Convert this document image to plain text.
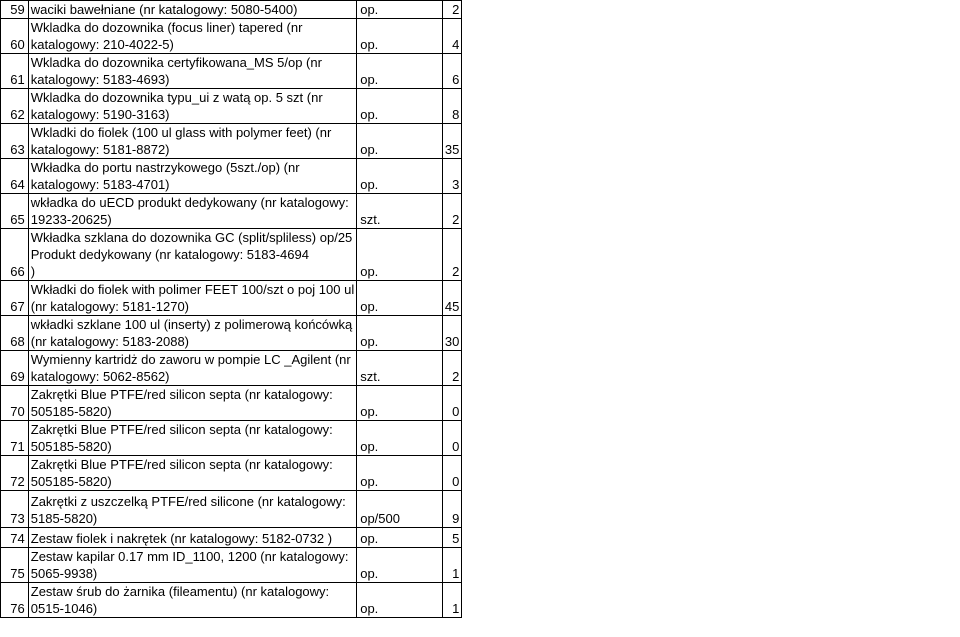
59	waciki bawełniane (nr katalogowy: 5080-5400)	op.	2	
60	Wkladka do dozownika (focus liner) tapered (nr
katalogowy: 210-4022-5)	op.	4	
61	Wkladka do dozownika certyfikowana_MS 5/op (nr
katalogowy: 5183-4693)	op.	6	
62	Wkladka do dozownika typu_ui z watą op. 5 szt (nr
katalogowy: 5190-3163)	op.	8	
63	Wkladki do fiolek (100 ul glass with polymer feet) (nr
katalogowy: 5181-8872)	op.	35	
64	Wkładka do portu nastrzykowego (5szt./op) (nr
katalogowy: 5183-4701)	op.	3	
65	wkładka do uECD produkt dedykowany (nr katalogowy:
19233-20625)	szt.	2	
66	Wkładka szklana do dozownika GC (split/spliless) op/25
Produkt dedykowany (nr katalogowy: 5183-4694
)	op.	2	
67	Wkładki do fiolek with polimer FEET 100/szt o poj 100 ul
(nr katalogowy: 5181-1270)	op.	45	
68	wkładki szklane 100 ul (inserty) z polimerową końcówką
(nr katalogowy: 5183-2088)	op.	30	
69	Wymienny kartridż do zaworu w pompie LC _Agilent (nr
katalogowy: 5062-8562)	szt.	2	
70	Zakrętki Blue PTFE/red silicon septa (nr katalogowy:
505185-5820)	op.	0	
71	Zakrętki Blue PTFE/red silicon septa (nr katalogowy:
505185-5820)	op.	0	
72	Zakrętki Blue PTFE/red silicon septa (nr katalogowy:
505185-5820)	op.	0	
73	Zakrętki z uszczelką PTFE/red silicone (nr katalogowy:
5185-5820)	op/500	9	
74	Zestaw fiolek i nakrętek (nr katalogowy: 5182-0732 )	op.	5	
75	Zestaw kapilar 0.17 mm ID_1100, 1200 (nr katalogowy:
5065-9938)	op.	1	
76	Zestaw śrub do żarnika (fileamentu) (nr katalogowy:
0515-1046)	op.	1	
